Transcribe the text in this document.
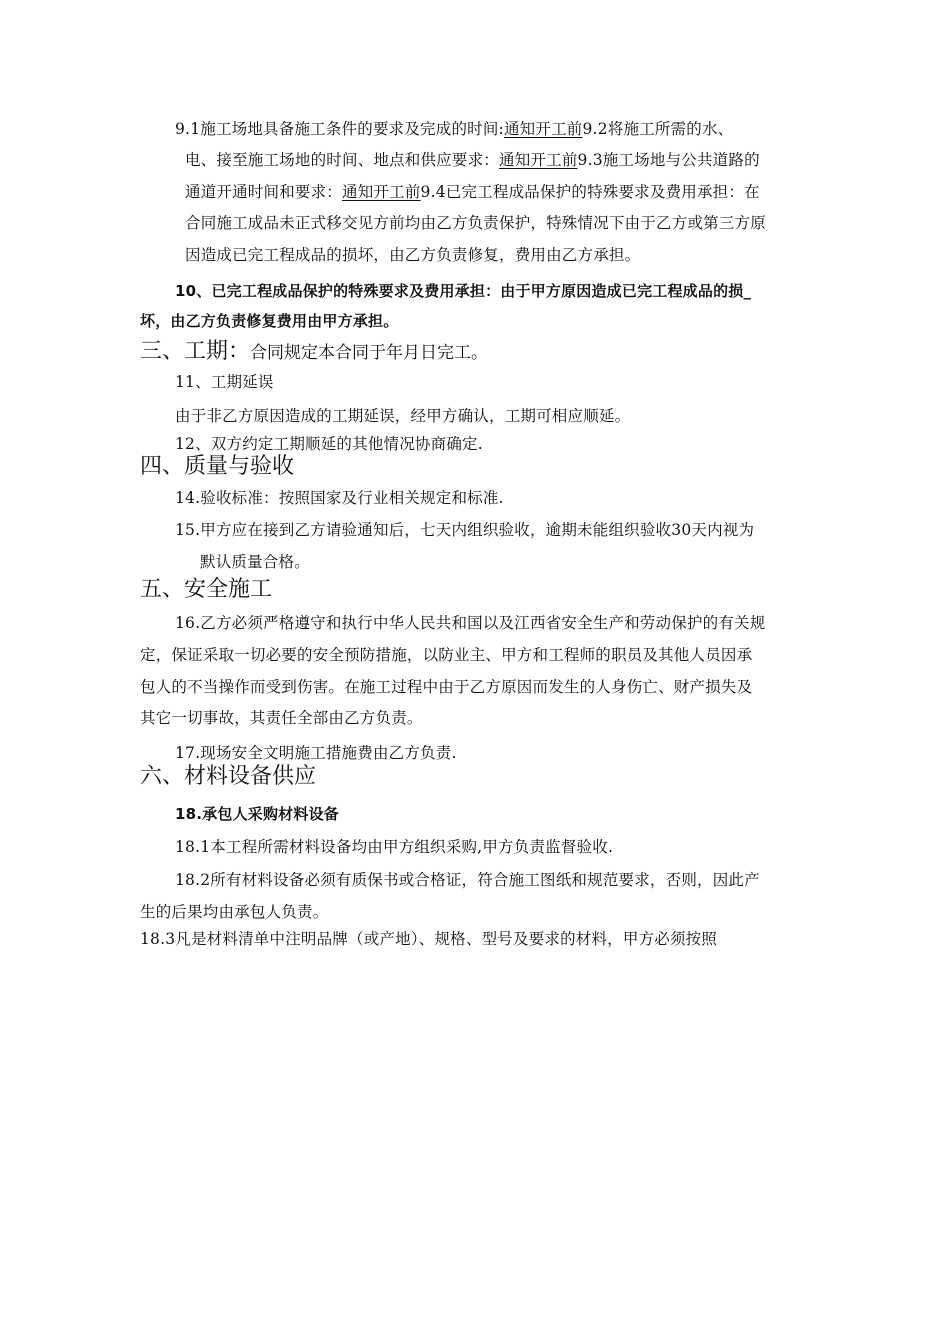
9.1施工场地具备施工条件的要求及完成的时间:通知开工前9.2将施工所需的水、
电、接至施工场地的时间、地点和供应要求：通知开工前9.3施工场地与公共道路的
通道开通时间和要求：通知开工前9.4已完工程成品保护的特殊要求及费用承担：在
合同施工成品未正式移交见方前均由乙方负责保护，特殊情况下由于乙方或第三方原
因造成已完工程成品的损坏，由乙方负责修复，费用由乙方承担。
10、已完工程成品保护的特殊要求及费用承担：由于甲方原因造成已完工程成品的损_
坏，由乙方负责修复费用由甲方承担。
三、工期：合同规定本合同于年月日完工。
11、工期延误
由于非乙方原因造成的工期延误，经甲方确认，工期可相应顺延。
12、双方约定工期顺延的其他情况协商确定.
四、质量与验收
14.验收标准：按照国家及行业相关规定和标准.
15.甲方应在接到乙方请验通知后，七天内组织验收，逾期未能组织验收30天内视为
默认质量合格。
五、安全施工
16.乙方必须严格遵守和执行中华人民共和国以及江西省安全生产和劳动保护的有关规
定，保证采取一切必要的安全预防措施，以防业主、甲方和工程师的职员及其他人员因承
包人的不当操作而受到伤害。在施工过程中由于乙方原因而发生的人身伤亡、财产损失及
其它一切事故，其责任全部由乙方负责。
17.现场安全文明施工措施费由乙方负责.
六、材料设备供应
18.承包人采购材料设备
18.1本工程所需材料设备均由甲方组织采购,甲方负责监督验收.
18.2所有材料设备必须有质保书或合格证，符合施工图纸和规范要求，否则，因此产
生的后果均由承包人负责。
18.3凡是材料清单中注明品牌（或产地）、规格、型号及要求的材料，甲方必须按照
